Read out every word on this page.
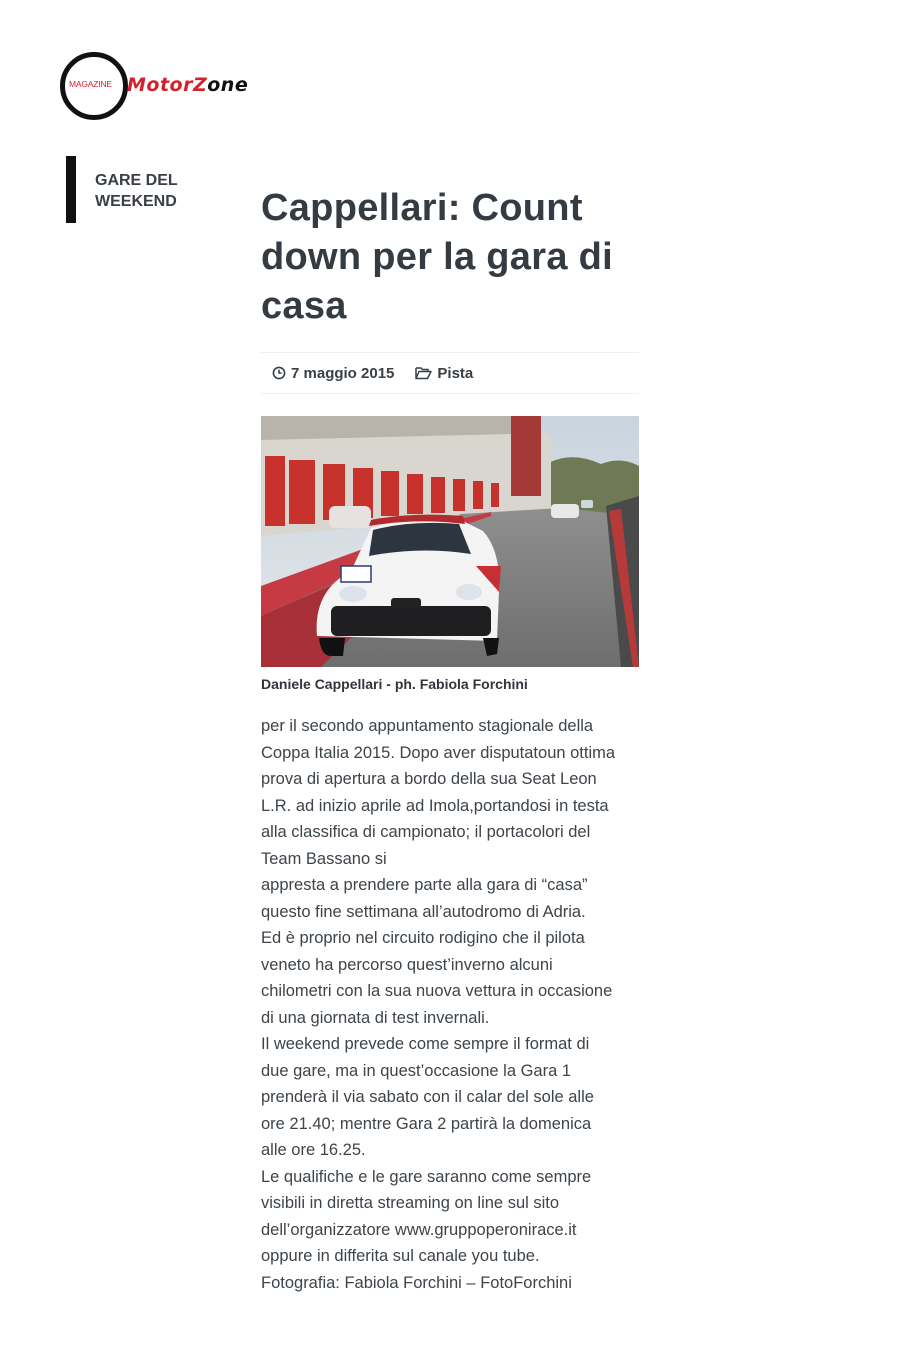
MAGAZINE MotorZone
GARE DEL WEEKEND	Cappellari: Count down per la gara di casa
7 maggio 2015	Pista
Daniele Cappellari - ph. Fabiola Forchini

per il secondo appuntamento stagionale della

Coppa Italia 2015. Dopo aver disputatoun ottima

prova di apertura a bordo della sua Seat Leon

L.R. ad inizio aprile ad Imola,portandosi in testa

alla classifica di campionato; il portacolori del

Team Bassano si

appresta a prendere parte alla gara di “casa”

questo fine settimana all’autodromo di Adria.

Ed è proprio nel circuito rodigino che il pilota

veneto ha percorso quest’inverno alcuni

chilometri con la sua nuova vettura in occasione

di una giornata di test invernali.

Il weekend prevede come sempre il format di

due gare, ma in quest’occasione la Gara 1

prenderà il via sabato con il calar del sole alle

ore 21.40; mentre Gara 2 partirà la domenica

alle ore 16.25.

Le qualifiche e le gare saranno come sempre

visibili in diretta streaming on line sul sito

dell’organizzatore www.gruppoperonirace.it

oppure in differita sul canale you tube.

Fotografia: Fabiola Forchini – FotoForchini
